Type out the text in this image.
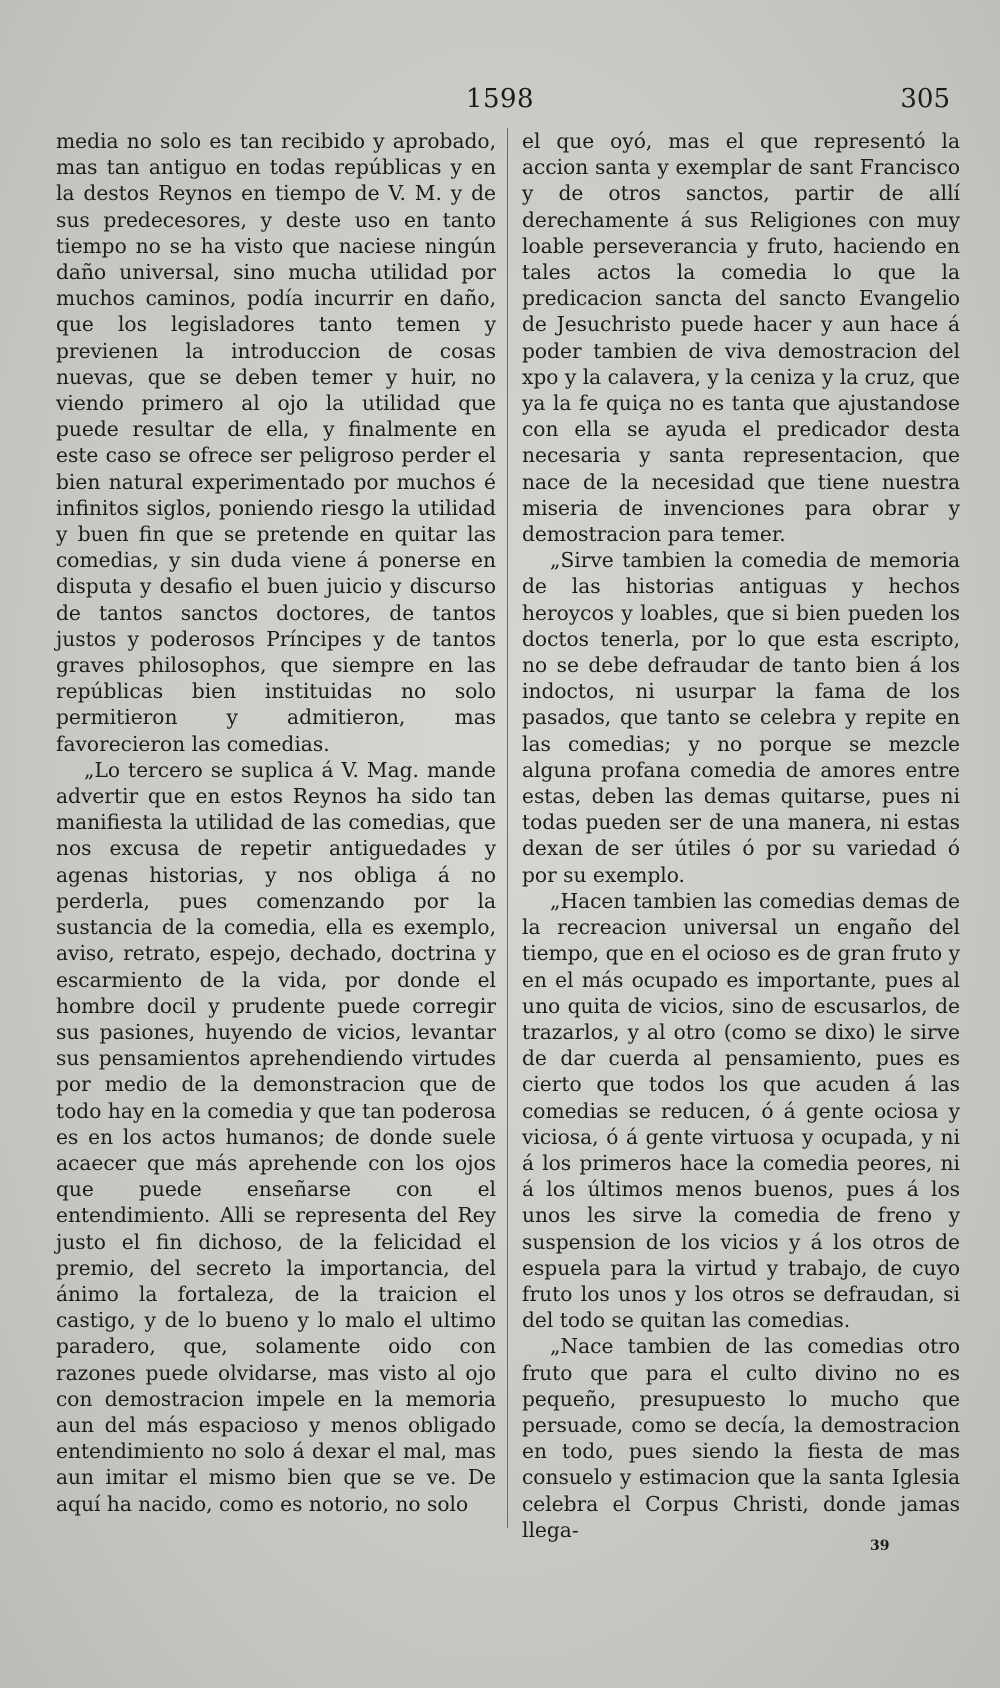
1598	305

media no solo es tan recibido y aprobado, mas tan antiguo en todas repúblicas y en la destos Reynos en tiempo de V. M. y de sus predecesores, y deste uso en tanto tiempo no se ha visto que naciese ningún daño universal, sino mucha utilidad por muchos caminos, podía incurrir en daño, que los legisladores tanto temen y previenen la introduccion de cosas nuevas, que se deben temer y huir, no viendo primero al ojo la utilidad que puede resultar de ella, y finalmente en este caso se ofrece ser peligroso perder el bien natural experimentado por muchos é infinitos siglos, poniendo riesgo la utilidad y buen fin que se pretende en quitar las comedias, y sin duda viene á ponerse en disputa y desafio el buen juicio y discurso de tantos sanctos doctores, de tantos justos y poderosos Príncipes y de tantos graves philosophos, que siempre en las repúblicas bien instituidas no solo permitieron y admitieron, mas favorecieron las comedias.

„Lo tercero se suplica á V. Mag. mande advertir que en estos Reynos ha sido tan manifiesta la utilidad de las comedias, que nos excusa de repetir antiguedades y agenas historias, y nos obliga á no perderla, pues comenzando por la sustancia de la comedia, ella es exemplo, aviso, retrato, espejo, dechado, doctrina y escarmiento de la vida, por donde el hombre docil y prudente puede corregir sus pasiones, huyendo de vicios, levantar sus pensamientos aprehendiendo virtudes por medio de la demonstracion que de todo hay en la comedia y que tan poderosa es en los actos humanos; de donde suele acaecer que más aprehende con los ojos que puede enseñarse con el entendimiento. Alli se representa del Rey justo el fin dichoso, de la felicidad el premio, del secreto la importancia, del ánimo la fortaleza, de la traicion el castigo, y de lo bueno y lo malo el ultimo paradero, que, solamente oido con razones puede olvidarse, mas visto al ojo con demostracion impele en la memoria aun del más espacioso y menos obligado entendimiento no solo á dexar el mal, mas aun imitar el mismo bien que se ve. De aquí ha nacido, como es notorio, no solo

el que oyó, mas el que representó la accion santa y exemplar de sant Francisco y de otros sanctos, partir de allí derechamente á sus Religiones con muy loable perseverancia y fruto, haciendo en tales actos la comedia lo que la predicacion sancta del sancto Evangelio de Jesuchristo puede hacer y aun hace á poder tambien de viva demostracion del xpo y la calavera, y la ceniza y la cruz, que ya la fe quiça no es tanta que ajustandose con ella se ayuda el predicador desta necesaria y santa representacion, que nace de la necesidad que tiene nuestra miseria de invenciones para obrar y demostracion para temer.

„Sirve tambien la comedia de memoria de las historias antiguas y hechos heroycos y loables, que si bien pueden los doctos tenerla, por lo que esta escripto, no se debe defraudar de tanto bien á los indoctos, ni usurpar la fama de los pasados, que tanto se celebra y repite en las comedias; y no porque se mezcle alguna profana comedia de amores entre estas, deben las demas quitarse, pues ni todas pueden ser de una manera, ni estas dexan de ser útiles ó por su variedad ó por su exemplo.

„Hacen tambien las comedias demas de la recreacion universal un engaño del tiempo, que en el ocioso es de gran fruto y en el más ocupado es importante, pues al uno quita de vicios, sino de escusarlos, de trazarlos, y al otro (como se dixo) le sirve de dar cuerda al pensamiento, pues es cierto que todos los que acuden á las comedias se reducen, ó á gente ociosa y viciosa, ó á gente virtuosa y ocupada, y ni á los primeros hace la comedia peores, ni á los últimos menos buenos, pues á los unos les sirve la comedia de freno y suspension de los vicios y á los otros de espuela para la virtud y trabajo, de cuyo fruto los unos y los otros se defraudan, si del todo se quitan las comedias.

„Nace tambien de las comedias otro fruto que para el culto divino no es pequeño, presupuesto lo mucho que persuade, como se decía, la demostracion en todo, pues siendo la fiesta de mas consuelo y estimacion que la santa Iglesia celebra el Corpus Christi, donde jamas llega-

39
